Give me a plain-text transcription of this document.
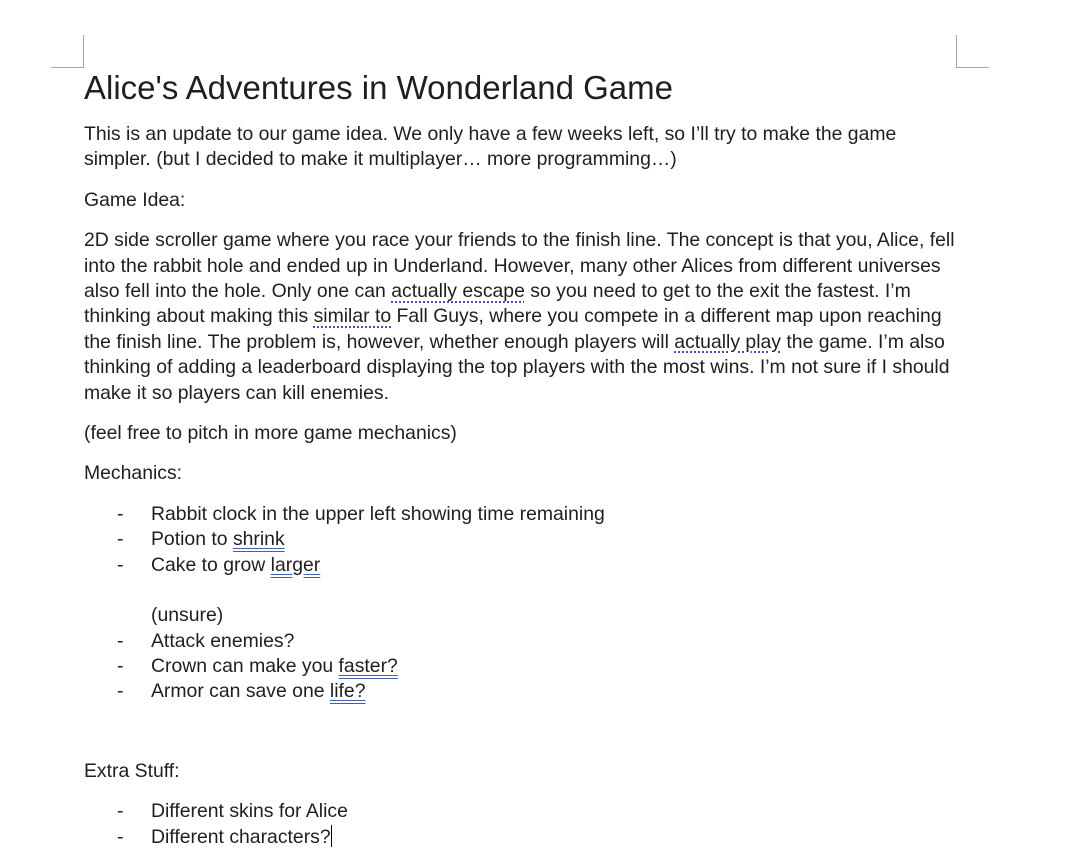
Alice's Adventures in Wonderland Game

This is an update to our game idea. We only have a few weeks left, so I’ll try to make the game simpler. (but I decided to make it multiplayer… more programming…)

Game Idea:

2D side scroller game where you race your friends to the finish line. The concept is that you, Alice, fell into the rabbit hole and ended up in Underland. However, many other Alices from different universes also fell into the hole. Only one can actually escape so you need to get to the exit the fastest. I’m thinking about making this similar to Fall Guys, where you compete in a different map upon reaching the finish line. The problem is, however, whether enough players will actually play the game. I’m also thinking of adding a leaderboard displaying the top players with the most wins. I’m not sure if I should make it so players can kill enemies.

(feel free to pitch in more game mechanics)

Mechanics:

- Rabbit clock in the upper left showing time remaining
- Potion to shrink
- Cake to grow larger
(unsure)
- Attack enemies?
- Crown can make you faster?
- Armor can save one life?

Extra Stuff:

- Different skins for Alice
- Different characters?
